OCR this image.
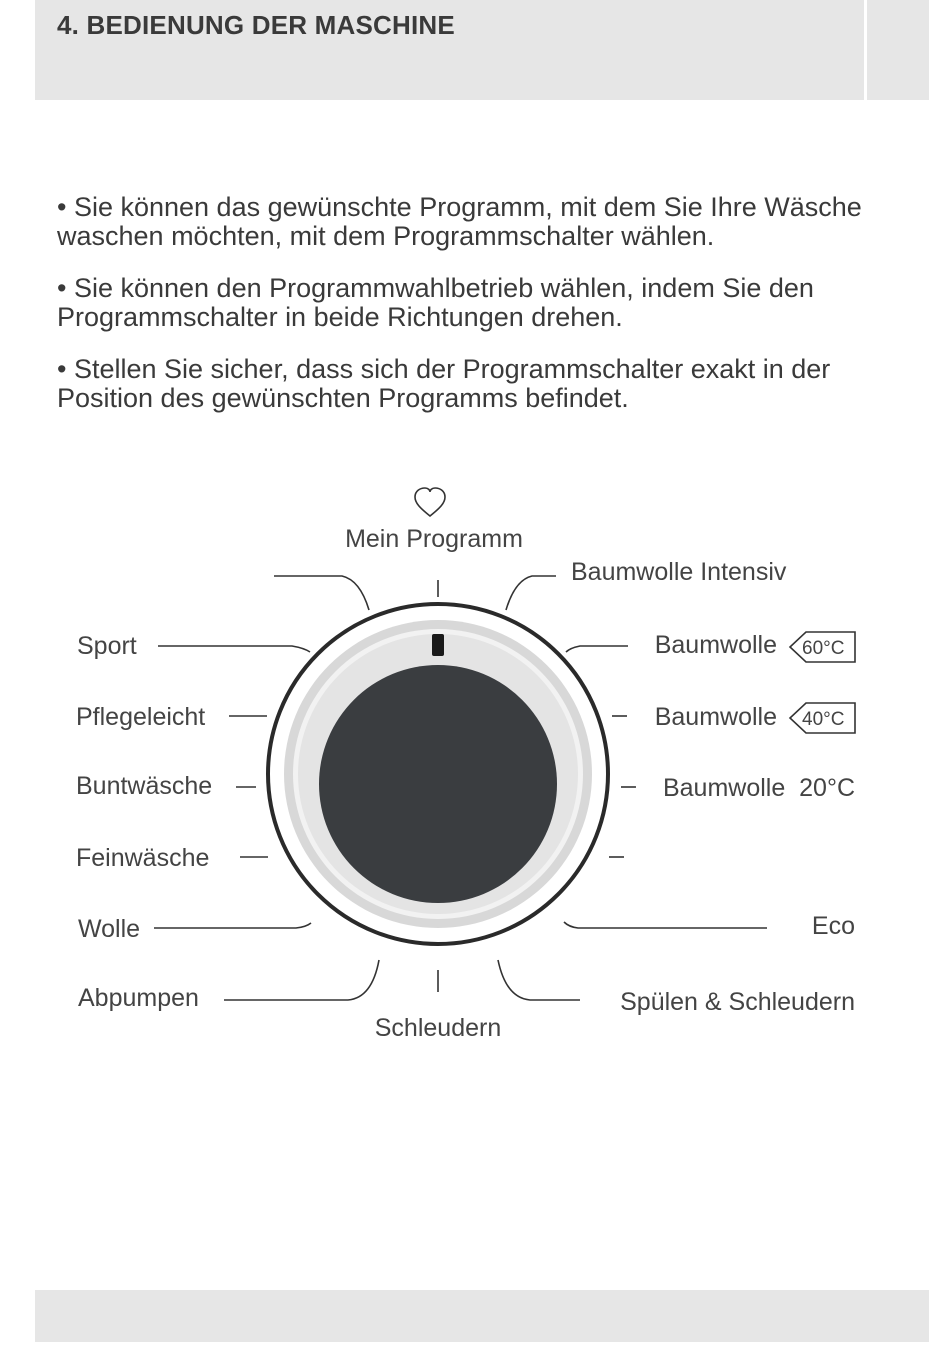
4. BEDIENUNG DER MASCHINE

• Sie können das gewünschte Programm, mit dem Sie Ihre Wäsche waschen möchten, mit dem Programmschalter wählen.

• Sie können den Programmwahlbetrieb wählen, indem Sie den Programmschalter in beide Richtungen drehen.

• Stellen Sie sicher, dass sich der Programmschalter exakt in der Position des gewünschten Programms befindet.

Mein Programm
Baumwolle Intensiv
Baumwolle 60°C
Baumwolle 40°C
Baumwolle  20°C
Eco
Spülen & Schleudern
Schleudern
Abpumpen
Wolle
Feinwäsche
Buntwäsche
Pflegeleicht
Sport
